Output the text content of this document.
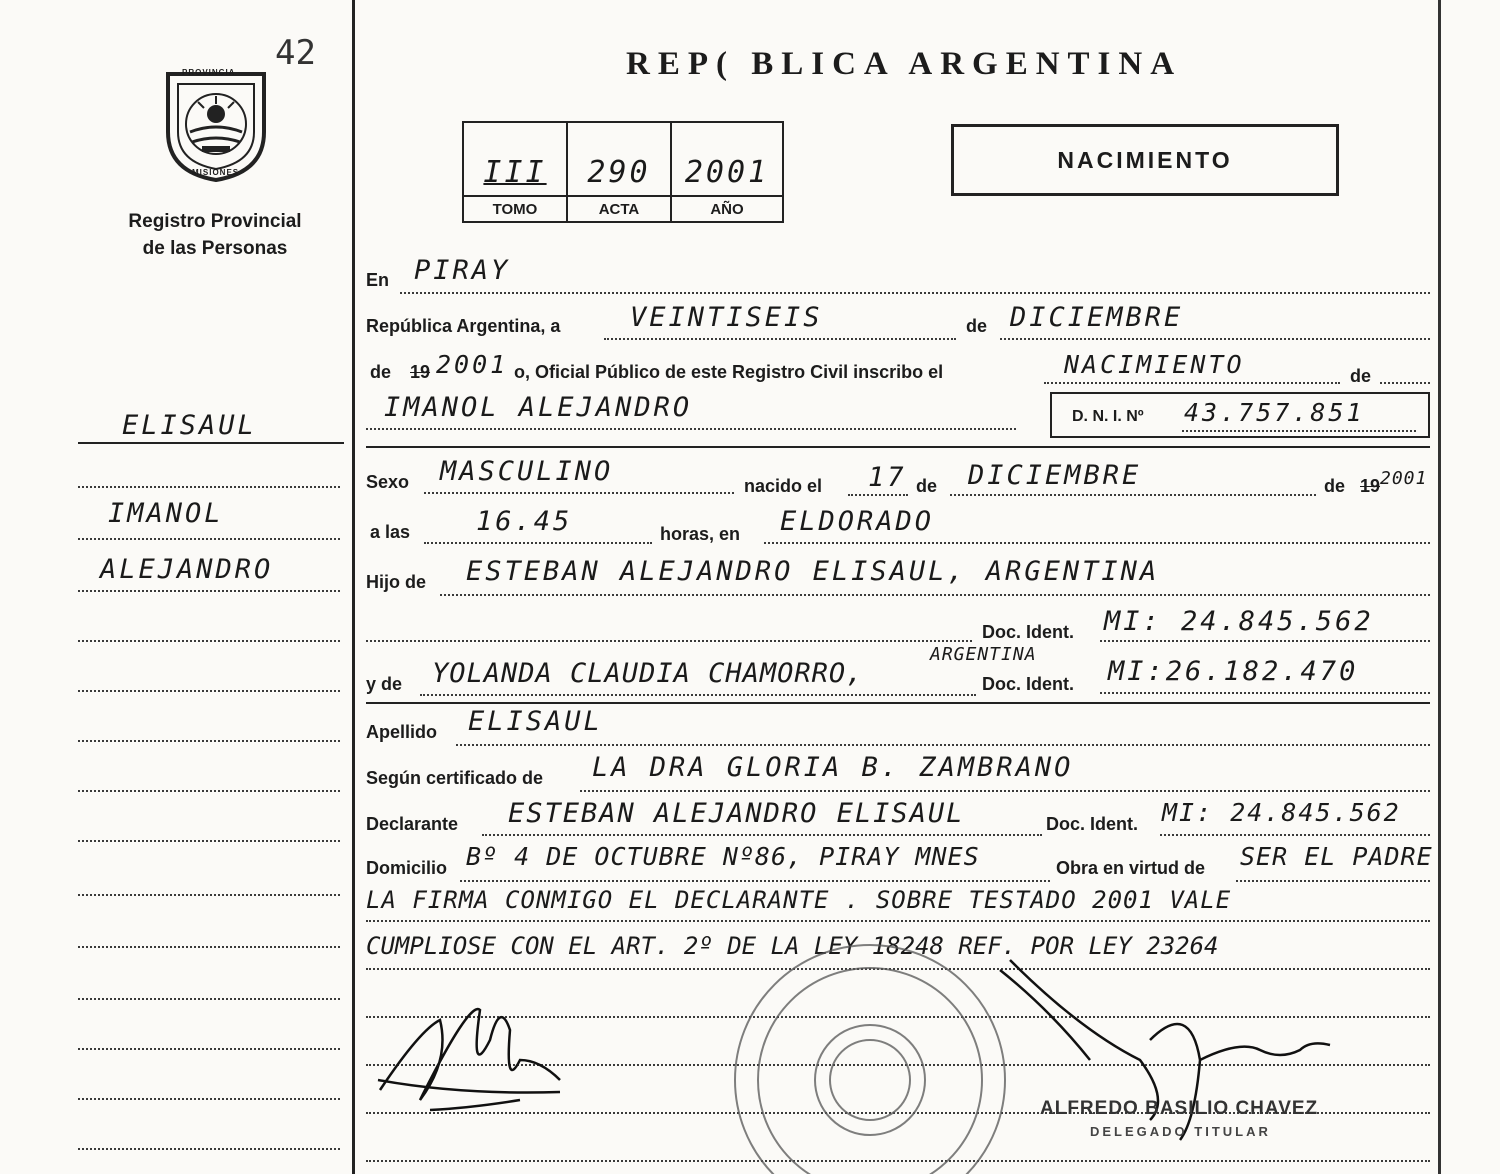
42
PROVINCIA
MISIONES
Registro Provincial
de las Personas
ELISAUL
IMANOL
ALEJANDRO
REP( BLICA ARGENTINA
III
TOMO
290
ACTA
2001
AÑO
NACIMIENTO
En PIRAY
República Argentina, a	VEINTISEIS	de DICIEMBRE
de 19 2001 o, Oficial Público de este Registro Civil inscribo el	NACIMIENTO	de
IMANOL ALEJANDRO	D. N. I. Nº 43.757.851
Sexo MASCULINO	nacido el 17 de DICIEMBRE	de 19 2001
a las 16.45	horas, en ELDORADO
Hijo de ESTEBAN ALEJANDRO ELISAUL, ARGENTINA
Doc. Ident. MI: 24.845.562
y de YOLANDA CLAUDIA CHAMORRO,
ARGENTINA
Doc. Ident. MI:26.182.470
Apellido ELISAUL
Según certificado de LA DRA GLORIA B. ZAMBRANO
Declarante ESTEBAN ALEJANDRO ELISAUL	Doc. Ident. MI: 24.845.562
Domicilio Bº 4 DE OCTUBRE Nº86, PIRAY MNES	Obra en virtud de SER EL PADRE
LA FIRMA CONMIGO EL DECLARANTE . SOBRE TESTADO 2001 VALE
CUMPLIOSE CON EL ART. 2º DE LA LEY 18248 REF. POR LEY 23264
ALFREDO BASILIO CHAVEZ
DELEGADO TITULAR
